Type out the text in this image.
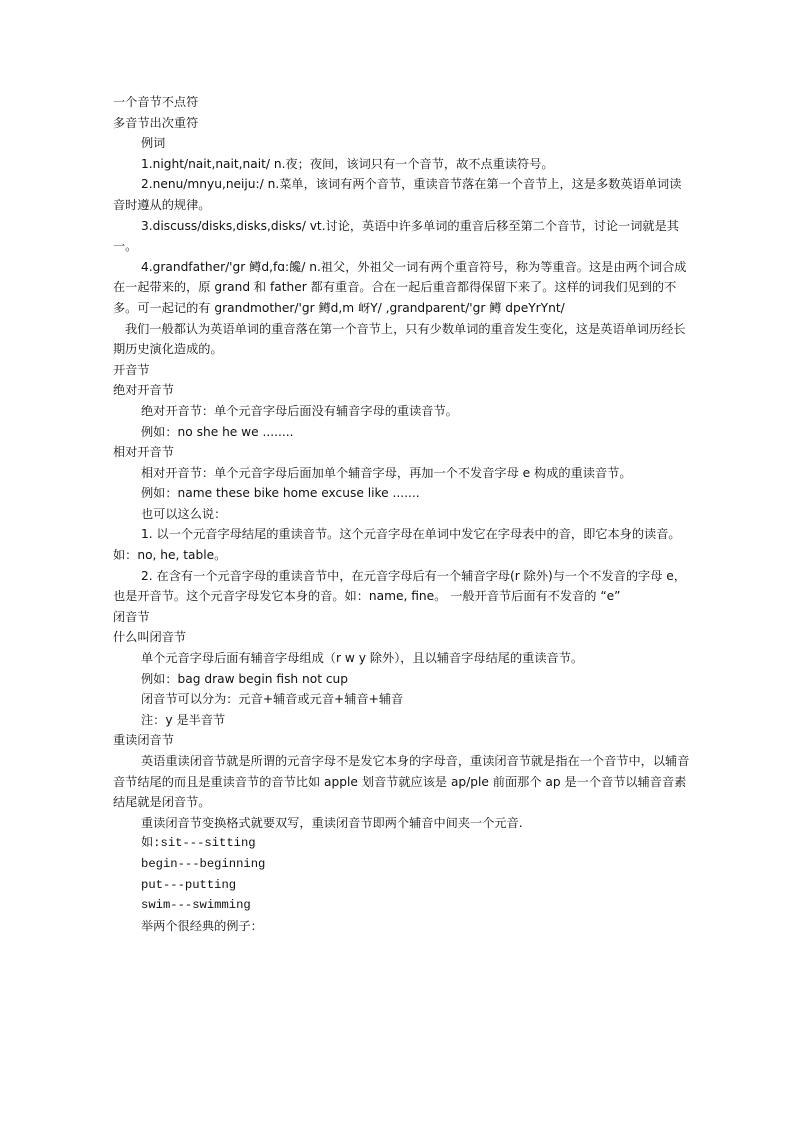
一个音节不点符
多音节出次重符
例词
1.night/nait,nait,nait/ n.夜；夜间，该词只有一个音节，故不点重读符号。
2.nenu/mnyu,neiju:/ n.菜单，该词有两个音节，重读音节落在第一个音节上，这是多数英语单词读音时遵从的规律。
3.discuss/disks,disks,disks/ vt.讨论，英语中许多单词的重音后移至第二个音节，讨论一词就是其一。
4.grandfather/'gr 鳟d,fɑ:饞/ n.祖父，外祖父一词有两个重音符号，称为等重音。这是由两个词合成在一起带来的，原 grand 和 father 都有重音。合在一起后重音都得保留下来了。这样的词我们见到的不多。可一起记的有 grandmother/'gr 鳟d,m 岈Y/ ,grandparent/'gr 鳟 dpeYrYnt/
我们一般都认为英语单词的重音落在第一个音节上，只有少数单词的重音发生变化，这是英语单词历经长期历史演化造成的。
开音节
绝对开音节
绝对开音节：单个元音字母后面没有辅音字母的重读音节。
例如：no she he we ........
相对开音节
相对开音节：单个元音字母后面加单个辅音字母，再加一个不发音字母 e 构成的重读音节。
例如：name these bike home excuse like .......
也可以这么说：
1. 以一个元音字母结尾的重读音节。这个元音字母在单词中发它在字母表中的音，即它本身的读音。如：no, he, table。
2. 在含有一个元音字母的重读音节中，在元音字母后有一个辅音字母(r 除外)与一个不发音的字母 e，也是开音节。这个元音字母发它本身的音。如：name, fine。 一般开音节后面有不发音的 “e”
闭音节
什么叫闭音节
单个元音字母后面有辅音字母组成（r w y 除外），且以辅音字母结尾的重读音节。
例如：bag draw begin fish not cup
闭音节可以分为：元音+辅音或元音+辅音+辅音
注：y 是半音节
重读闭音节
英语重读闭音节就是所谓的元音字母不是发它本身的字母音，重读闭音节就是指在一个音节中，以辅音音节结尾的而且是重读音节的音节比如 apple 划音节就应该是 ap/ple 前面那个 ap 是一个音节以辅音音素结尾就是闭音节。
重读闭音节变换格式就要双写，重读闭音节即两个辅音中间夹一个元音.
如:sit---sitting
begin---beginning
put---putting
swim---swimming
举两个很经典的例子：
